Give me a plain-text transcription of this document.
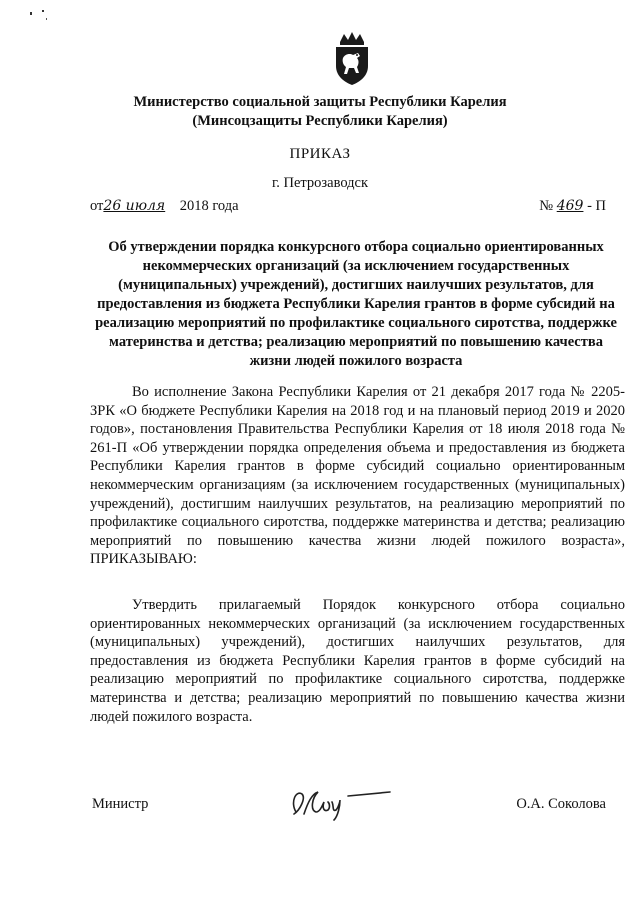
Министерство социальной защиты Республики Карелия
(Минсоцзащиты Республики Карелия)
ПРИКАЗ
г. Петрозаводск
от26 июля 2018 года	№ 469 - П
Об утверждении порядка конкурсного отбора социально ориентированных некоммерческих организаций (за исключением государственных (муниципальных) учреждений), достигших наилучших результатов, для предоставления из бюджета Республики Карелия грантов в форме субсидий на реализацию мероприятий по профилактике социального сиротства, поддержке материнства и детства; реализацию мероприятий по повышению качества жизни людей пожилого возраста
Во исполнение Закона Республики Карелия от 21 декабря 2017 года № 2205-ЗРК «О бюджете Республики Карелия на 2018 год и на плановый период 2019 и 2020 годов», постановления Правительства Республики Карелия от 18 июля 2018 года № 261-П «Об утверждении порядка определения объема и предоставления из бюджета Республики Карелия грантов в форме субсидий социально ориентированным некоммерческим организациям (за исключением государственных (муниципальных) учреждений), достигшим наилучших результатов, на реализацию мероприятий по профилактике социального сиротства, поддержке материнства и детства; реализацию мероприятий по повышению качества жизни людей пожилого возраста», ПРИКАЗЫВАЮ:
Утвердить прилагаемый Порядок конкурсного отбора социально ориентированных некоммерческих организаций (за исключением государственных (муниципальных) учреждений), достигших наилучших результатов, для предоставления из бюджета Республики Карелия грантов в форме субсидий на реализацию мероприятий по профилактике социального сиротства, поддержке материнства и детства; реализацию мероприятий по повышению качества жизни людей пожилого возраста.
Министр	О.А. Соколова
